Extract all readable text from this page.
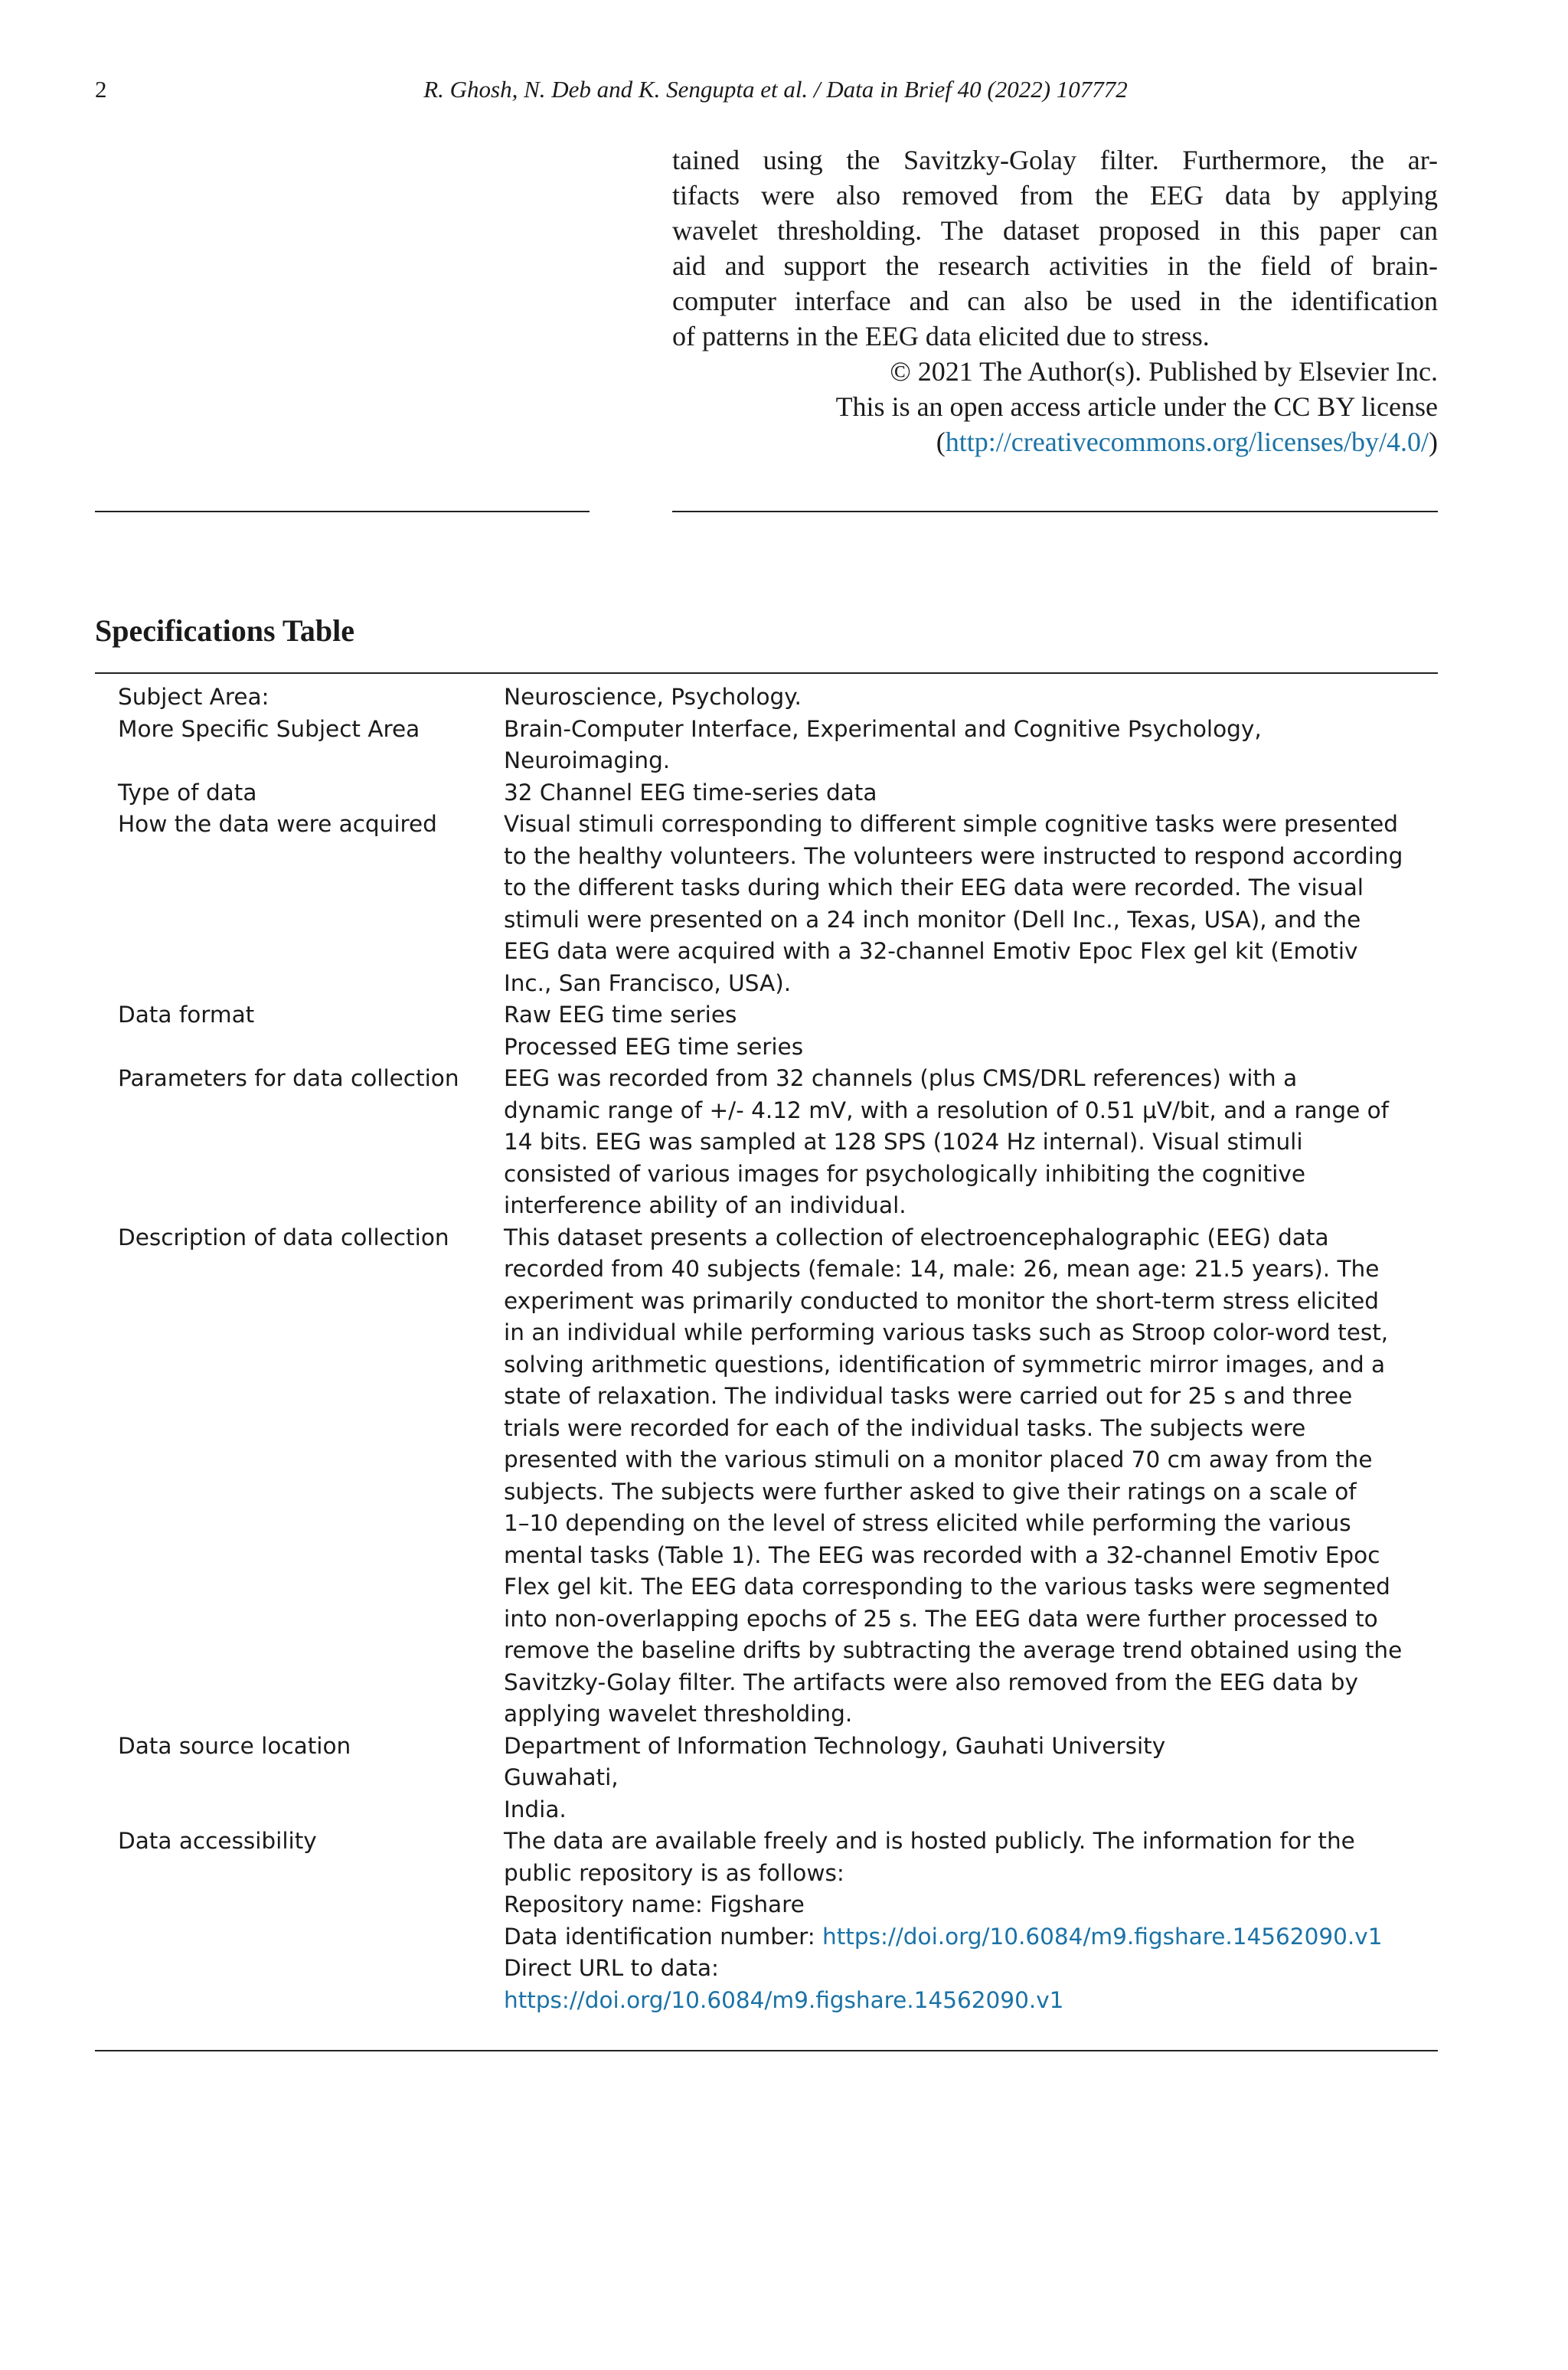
2	R. Ghosh, N. Deb and K. Sengupta et al. / Data in Brief 40 (2022) 107772
tained using the Savitzky-Golay filter. Furthermore, the ar-
tifacts were also removed from the EEG data by applying
wavelet thresholding. The dataset proposed in this paper can
aid and support the research activities in the field of brain-
computer interface and can also be used in the identification
of patterns in the EEG data elicited due to stress.

© 2021 The Author(s). Published by Elsevier Inc.

This is an open access article under the CC BY license

(http://creativecommons.org/licenses/by/4.0/)

Specifications Table
Subject Area:	Neuroscience, Psychology.
More Specific Subject Area	Brain-Computer Interface, Experimental and Cognitive Psychology,
Neuroimaging.
Type of data	32 Channel EEG time-series data
How the data were acquired	Visual stimuli corresponding to different simple cognitive tasks were presented
to the healthy volunteers. The volunteers were instructed to respond according
to the different tasks during which their EEG data were recorded. The visual
stimuli were presented on a 24 inch monitor (Dell Inc., Texas, USA), and the
EEG data were acquired with a 32-channel Emotiv Epoc Flex gel kit (Emotiv
Inc., San Francisco, USA).
Data format	Raw EEG time series
Processed EEG time series
Parameters for data collection	EEG was recorded from 32 channels (plus CMS/DRL references) with a
dynamic range of +/- 4.12 mV, with a resolution of 0.51 μV/bit, and a range of
14 bits. EEG was sampled at 128 SPS (1024 Hz internal). Visual stimuli
consisted of various images for psychologically inhibiting the cognitive
interference ability of an individual.
Description of data collection	This dataset presents a collection of electroencephalographic (EEG) data
recorded from 40 subjects (female: 14, male: 26, mean age: 21.5 years). The
experiment was primarily conducted to monitor the short-term stress elicited
in an individual while performing various tasks such as Stroop color-word test,
solving arithmetic questions, identification of symmetric mirror images, and a
state of relaxation. The individual tasks were carried out for 25 s and three
trials were recorded for each of the individual tasks. The subjects were
presented with the various stimuli on a monitor placed 70 cm away from the
subjects. The subjects were further asked to give their ratings on a scale of
1–10 depending on the level of stress elicited while performing the various
mental tasks (Table 1). The EEG was recorded with a 32-channel Emotiv Epoc
Flex gel kit. The EEG data corresponding to the various tasks were segmented
into non-overlapping epochs of 25 s. The EEG data were further processed to
remove the baseline drifts by subtracting the average trend obtained using the
Savitzky-Golay filter. The artifacts were also removed from the EEG data by
applying wavelet thresholding.
Data source location	Department of Information Technology, Gauhati University
Guwahati,
India.
Data accessibility	The data are available freely and is hosted publicly. The information for the
public repository is as follows:
Repository name: Figshare
Data identification number: https://doi.org/10.6084/m9.figshare.14562090.v1
Direct URL to data:
https://doi.org/10.6084/m9.figshare.14562090.v1
